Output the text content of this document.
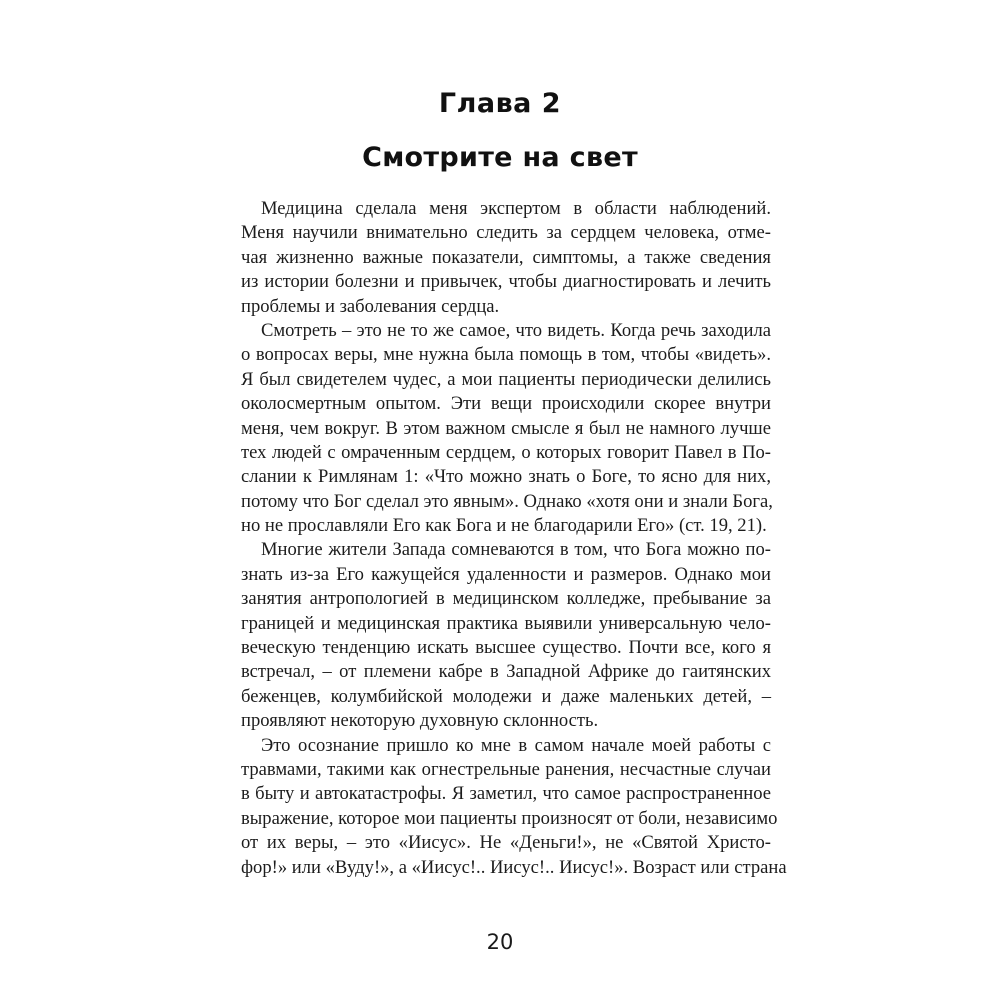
Глава 2
Смотрите на свет
Медицина сделала меня экспертом в области наблюдений.
Меня научили внимательно следить за сердцем человека, отме-
чая жизненно важные показатели, симптомы, а также сведения
из истории болезни и привычек, чтобы диагностировать и лечить
проблемы и заболевания сердца.
Смотреть – это не то же самое, что видеть. Когда речь заходила
о вопросах веры, мне нужна была помощь в том, чтобы «видеть».
Я был свидетелем чудес, а мои пациенты периодически делились
околосмертным опытом. Эти вещи происходили скорее внутри
меня, чем вокруг. В этом важном смысле я был не намного лучше
тех людей с омраченным сердцем, о которых говорит Павел в По-
слании к Римлянам 1: «Что можно знать о Боге, то ясно для них,
потому что Бог сделал это явным». Однако «хотя они и знали Бога,
но не прославляли Его как Бога и не благодарили Его» (ст. 19, 21).
Многие жители Запада сомневаются в том, что Бога можно по-
знать из-за Его кажущейся удаленности и размеров. Однако мои
занятия антропологией в медицинском колледже, пребывание за
границей и медицинская практика выявили универсальную чело-
веческую тенденцию искать высшее существо. Почти все, кого я
встречал, – от племени кабре в Западной Африке до гаитянских
беженцев, колумбийской молодежи и даже маленьких детей, –
проявляют некоторую духовную склонность.
Это осознание пришло ко мне в самом начале моей работы с
травмами, такими как огнестрельные ранения, несчастные случаи
в быту и автокатастрофы. Я заметил, что самое распространенное
выражение, которое мои пациенты произносят от боли, независимо
от их веры, – это «Иисус». Не «Деньги!», не «Святой Христо-
фор!» или «Вуду!», а «Иисус!.. Иисус!.. Иисус!». Возраст или страна
20
